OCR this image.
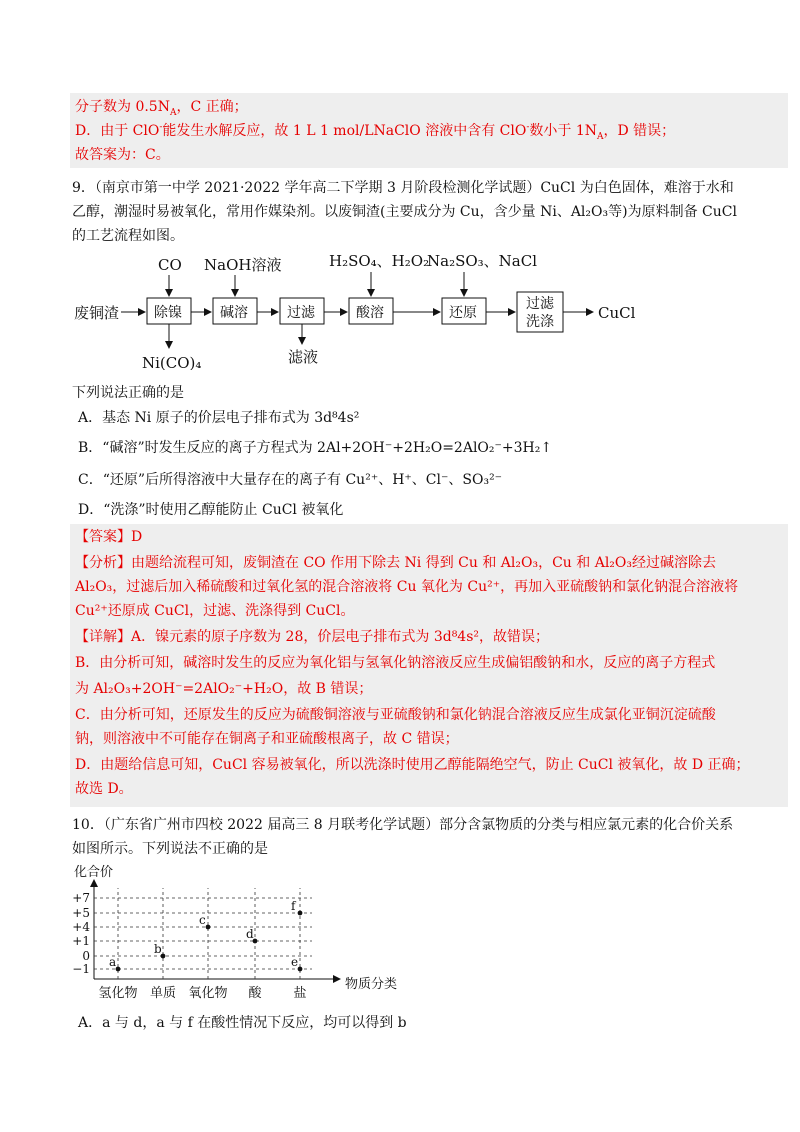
分子数为 $0.5N_A$，C 正确；
D．由于 ClO-能发生水解反应，故 1 L 1 mol/LNaClO 溶液中含有 ClO-数小于 $1N_A$，D 错误；
故答案为：C。
9．（南京市第一中学 2021·2022 学年高二下学期 3 月阶段检测化学试题）CuCl 为白色固体，难溶于水和
乙醇，潮湿时易被氧化，常用作媒染剂。以废铜渣(主要成分为 Cu，含少量 Ni、Al₂O₃等)为原料制备 CuCl
的工艺流程如图。
废铜渣	CuCl
CO NaOH溶液	H₂SO₄、H₂O₂
Na₂SO₃、NaCl
Ni(CO)₄	滤液
除镍	碱溶	过滤	酸溶	还原
过滤
洗涤
下列说法正确的是
A．基态 Ni 原子的价层电子排布式为 3d⁸4s²
B．“碱溶”时发生反应的离子方程式为 2Al+2OH⁻+2H₂O=2AlO₂⁻+3H₂↑
C．“还原”后所得溶液中大量存在的离子有 Cu²⁺、H⁺、Cl⁻、SO₃²⁻
D．“洗涤”时使用乙醇能防止 CuCl 被氧化
【答案】D
【分析】由题给流程可知，废铜渣在 CO 作用下除去 Ni 得到 Cu 和 Al₂O₃，Cu 和 Al₂O₃经过碱溶除去
Al₂O₃，过滤后加入稀硫酸和过氧化氢的混合溶液将 Cu 氧化为 Cu²⁺，再加入亚硫酸钠和氯化钠混合溶液将
Cu²⁺还原成 CuCl，过滤、洗涤得到 CuCl。
【详解】A．镍元素的原子序数为 28，价层电子排布式为 3d⁸4s²，故错误；
B．由分析可知，碱溶时发生的反应为氧化铝与氢氧化钠溶液反应生成偏铝酸钠和水，反应的离子方程式
为 Al₂O₃+2OH⁻=2AlO₂⁻+H₂O，故 B 错误；
C．由分析可知，还原发生的反应为硫酸铜溶液与亚硫酸钠和氯化钠混合溶液反应生成氯化亚铜沉淀硫酸
钠，则溶液中不可能存在铜离子和亚硫酸根离子，故 C 错误；
D．由题给信息可知，CuCl 容易被氧化，所以洗涤时使用乙醇能隔绝空气，防止 CuCl 被氧化，故 D 正确；
故选 D。
10．（广东省广州市四校 2022 届高三 8 月联考化学试题）部分含氯物质的分类与相应氯元素的化合价关系
如图所示。下列说法不正确的是
化合价
物质分类
+7
+5
+4
+1
0
−1
氢化物 单质 氧化物 酸 盐
a
b
c
d
e
f
A．a 与 d，a 与 f 在酸性情况下反应，均可以得到 b
